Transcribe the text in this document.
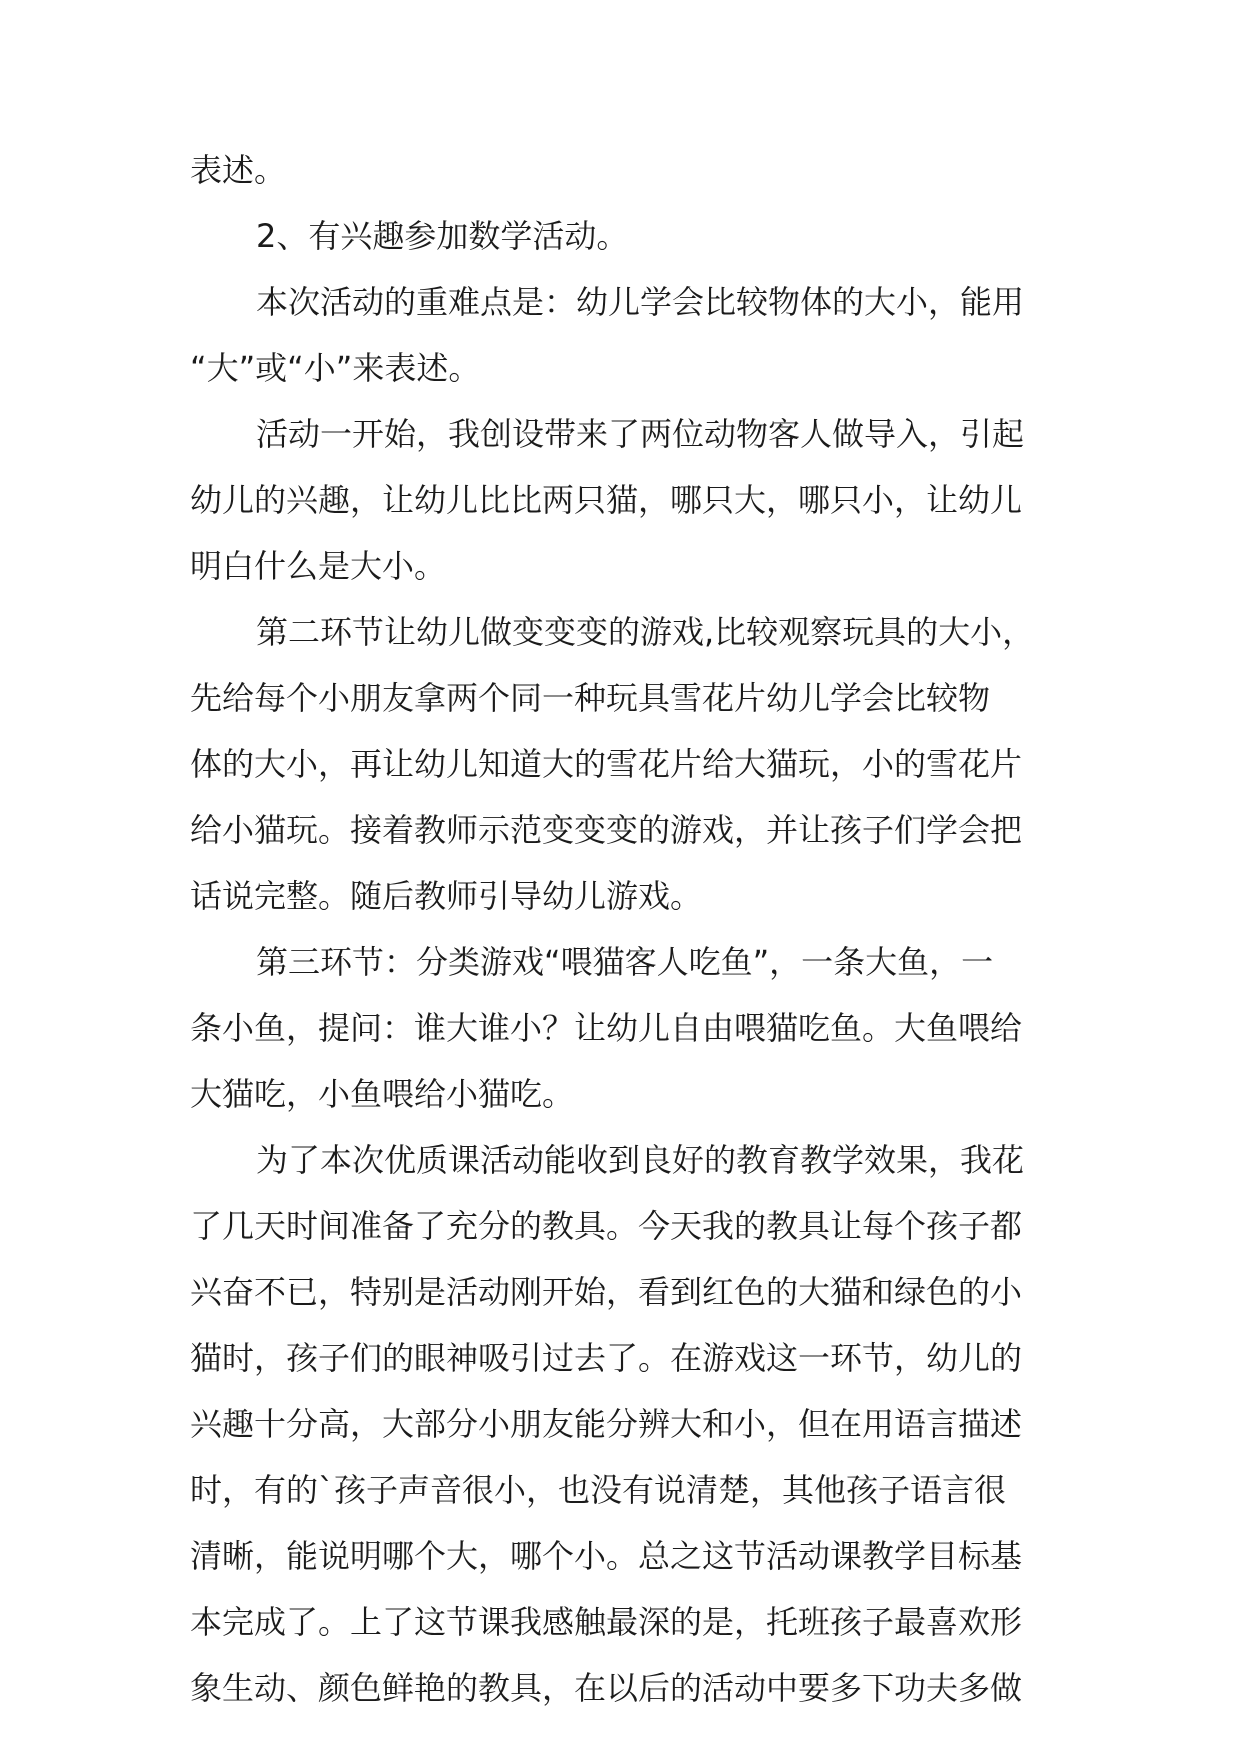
表述。

2、有兴趣参加数学活动。

本次活动的重难点是：幼儿学会比较物体的大小，能用

“大”或“小”来表述。

活动一开始，我创设带来了两位动物客人做导入，引起

幼儿的兴趣，让幼儿比比两只猫，哪只大，哪只小，让幼儿

明白什么是大小。

第二环节让幼儿做变变变的游戏,比较观察玩具的大小，

先给每个小朋友拿两个同一种玩具雪花片幼儿学会比较物

体的大小，再让幼儿知道大的雪花片给大猫玩，小的雪花片

给小猫玩。接着教师示范变变变的游戏，并让孩子们学会把

话说完整。随后教师引导幼儿游戏。

第三环节：分类游戏“喂猫客人吃鱼”，一条大鱼，一

条小鱼，提问：谁大谁小？让幼儿自由喂猫吃鱼。大鱼喂给

大猫吃，小鱼喂给小猫吃。

为了本次优质课活动能收到良好的教育教学效果，我花

了几天时间准备了充分的教具。今天我的教具让每个孩子都

兴奋不已，特别是活动刚开始，看到红色的大猫和绿色的小

猫时，孩子们的眼神吸引过去了。在游戏这一环节，幼儿的

兴趣十分高，大部分小朋友能分辨大和小，但在用语言描述

时，有的`孩子声音很小，也没有说清楚，其他孩子语言很

清晰，能说明哪个大，哪个小。总之这节活动课教学目标基

本完成了。上了这节课我感触最深的是，托班孩子最喜欢形

象生动、颜色鲜艳的教具，在以后的活动中要多下功夫多做
